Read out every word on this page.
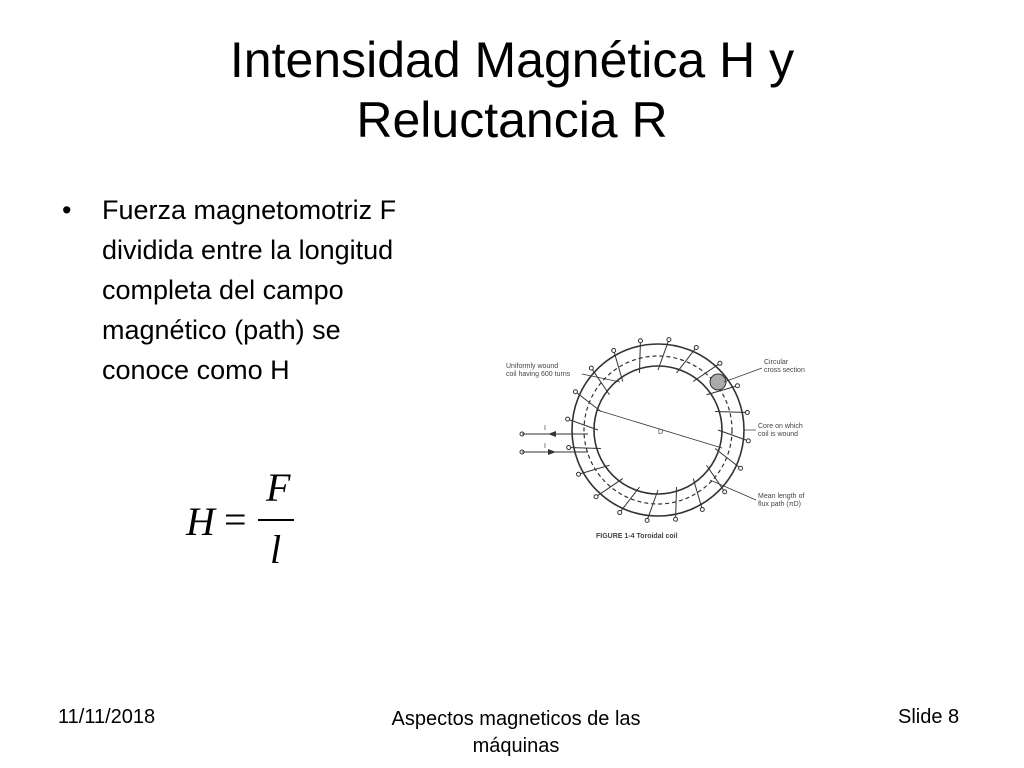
Intensidad Magnética H y
Reluctancia R
• Fuerza magnetomotriz F
dividida entre la longitud
completa del campo
magnético (path) se
conoce como H
H =
F
l
D
I
I
Uniformly wound
coil having 600 turns
Circular
cross section
Core on which
coil is wound
Mean length of
flux path (πD)
FIGURE 1-4 Toroidal coil
11/11/2018	Aspectos magneticos de las
máquinas
Slide 8
